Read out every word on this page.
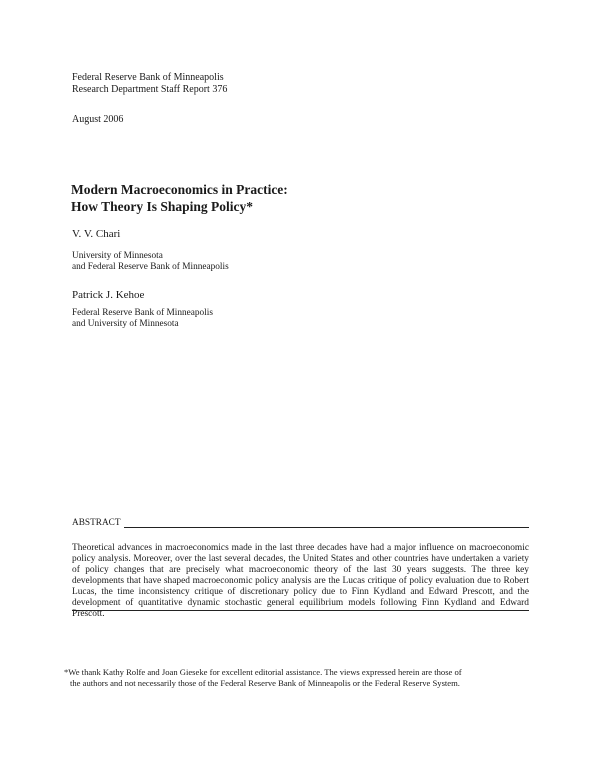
Federal Reserve Bank of Minneapolis
Research Department Staff Report 376
August 2006
Modern Macroeconomics in Practice:
How Theory Is Shaping Policy*
V. V. Chari
University of Minnesota
and Federal Reserve Bank of Minneapolis
Patrick J. Kehoe
Federal Reserve Bank of Minneapolis
and University of Minnesota
ABSTRACT
Theoretical advances in macroeconomics made in the last three decades have had a major influence on macroeconomic policy analysis. Moreover, over the last several decades, the United States and other countries have undertaken a variety of policy changes that are precisely what macroeconomic theory of the last 30 years suggests. The three key developments that have shaped macroeconomic policy analysis are the Lucas critique of policy evaluation due to Robert Lucas, the time inconsistency critique of discretionary policy due to Finn Kydland and Edward Prescott, and the development of quantitative dynamic stochastic general equilibrium models following Finn Kydland and Edward Prescott.
*We thank Kathy Rolfe and Joan Gieseke for excellent editorial assistance. The views expressed herein are those of
the authors and not necessarily those of the Federal Reserve Bank of Minneapolis or the Federal Reserve System.
